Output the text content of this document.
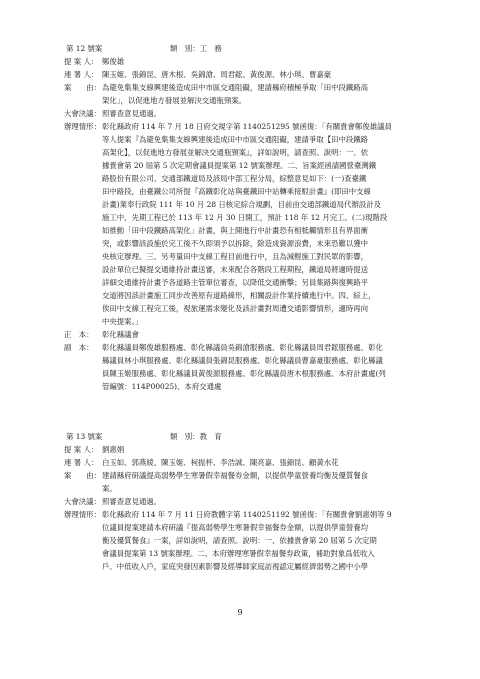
第 12 號案	類　別：工　務
提 案 人： 鄭俊雄
連 署 人： 陳玉姬、張錦昆、唐木根、吳錦滄、周君鋐、黃俊源、林小琪、曹嘉豪
案　　由： 為避免集集支線興建後造成田中市區交通阻礙，建請縣府積極爭取「田中段鐵路高
架化」，以促進地方發展並解決交通瓶頸案。
大會決議： 照審查意見通過。
辦理情形： 彰化縣政府 114 年 7 月 18 日府交規字第 1140251295 號函復：「有關貴會鄭俊雄議員
等人提案『為避免集集支線興建後造成田中市區交通阻礙，建請爭取【田中段鐵路
高架化】，以促進地方發展並解決交通瓶頸案』，詳如說明，請查照。說明：一、依
據貴會第 20 屆第 5 次定期會議員提案第 12 號案辦理。二、旨案經函請國營臺灣鐵
路股份有限公司、交通部鐵道局及該局中部工程分局，綜整意見如下：(一)查臺鐵
田中路段，由臺鐵公司所提『高鐵彰化站與臺鐵田中站轉乘接駁計畫』(即田中支線
計畫)業奉行政院 111 年 10 月 28 日核定綜合規劃，目前由交通部鐵道局代辦設計及
施工中，先期工程已於 113 年 12 月 30 日開工，預計 118 年 12 月完工。(二)現階段
如推動「田中段鐵路高架化」計畫，與上開進行中計畫恐有相牴觸情形且有界面衝
突，或影響該設施於完工後不久即須予以拆除，除造成資源浪費，未來恐難以獲中
央核定辦理。三、另考量田中支線工程目前進行中，且為減輕施工對民眾的影響，
設計單位已擬提交通維持計畫送審，未來配合各階段工程期程，鐵道局將適時提送
詳細交通維持計畫予各道路主管單位審查，以降低交通衝擊；另員集路與復興路平
交道將因該計畫施工同步改善原有道路線形，相關設計作業持續進行中。四、綜上，
俟田中支線工程完工後，視旅運需求變化及該計畫對周遭交通影響情形，適時再向
中央提案。」
正　本： 彰化縣議會
副　本： 彰化縣議員鄭俊雄服務處、彰化縣議員吳錦滄服務處、彰化縣議員周君鋐服務處、彰化
縣議員林小琪服務處、彰化縣議員張錦昆服務處、彰化縣議員曹嘉豪服務處、彰化縣議
員陳玉姬服務處、彰化縣議員黃俊源服務處、彰化縣議員唐木根服務處、本府計畫處(列
管編號：114P00025)、本府交通處
第 13 號案	類　別：教　育
提 案 人： 劉惠娟
連 署 人： 白玉如、郭燕綾、陳玉姬、柯振杯、李浩誠、陳亮嘉、張錦昆、顧黃水花
案　　由： 建請縣府研議提高弱勢學生寒暑假幸福餐券金額，以提供學童營養均衡及優質餐食
案。
大會決議： 照審查意見通過。
辦理情形： 彰化縣政府 114 年 7 月 11 日府教體字第 1140251192 號函復：「有關貴會劉惠娟等 9
位議員提案建請本府研議『提高弱勢學生寒暑假幸福餐券金額，以提供學童營養均
衡及優質餐食』一案，詳如說明，請查照。說明：一、依據貴會第 20 屆第 5 次定期
會議員提案第 13 號案辦理。二、本府辦理寒暑假幸福餐券政策，補助對象爲低收入
戶、中低收入戶，家庭突發因素影響及經導師家庭訪視認定屬經濟弱勢之國中小學
9
